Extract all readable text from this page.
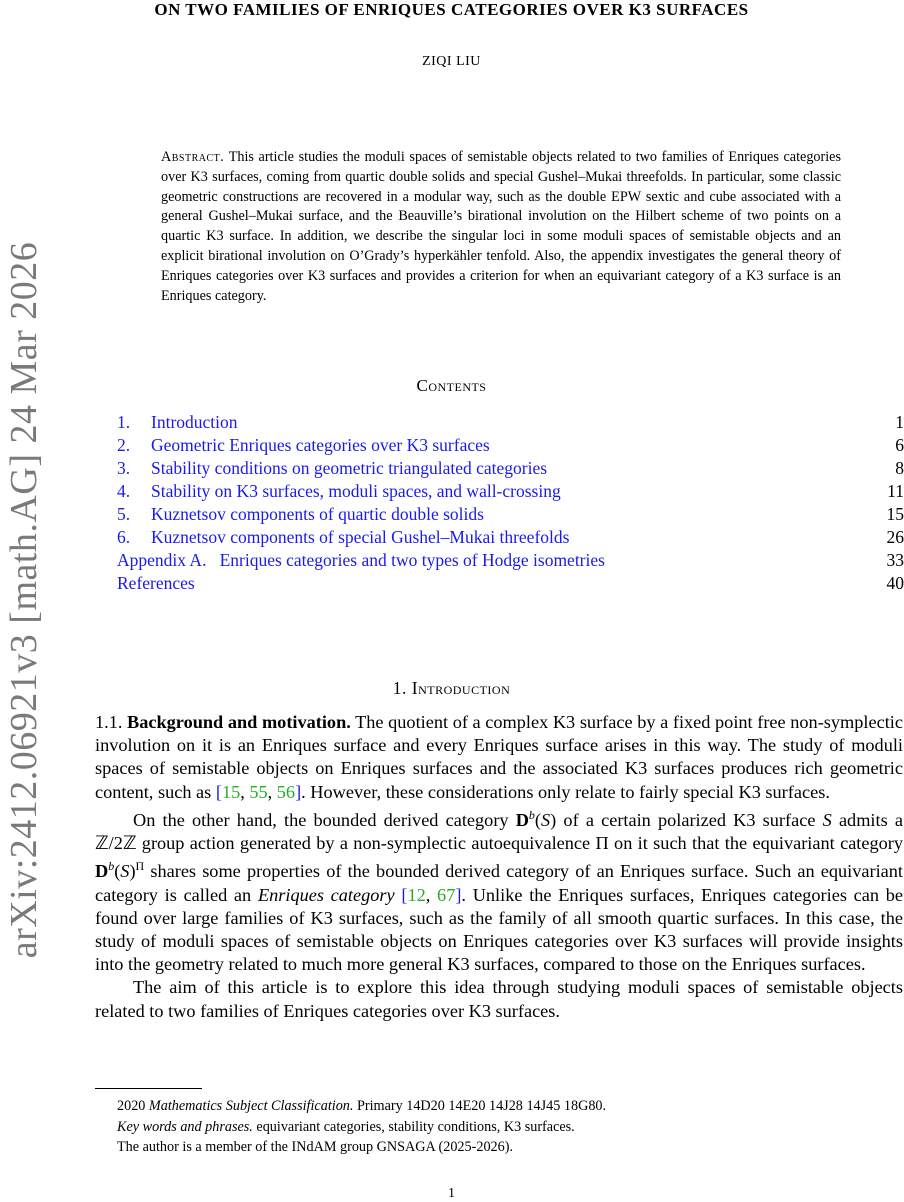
arXiv:2412.06921v3 [math.AG] 24 Mar 2026
ON TWO FAMILIES OF ENRIQUES CATEGORIES OVER K3 SURFACES
ZIQI LIU
Abstract. This article studies the moduli spaces of semistable objects related to two families of Enriques categories over K3 surfaces, coming from quartic double solids and special Gushel–Mukai threefolds. In particular, some classic geometric constructions are recovered in a modular way, such as the double EPW sextic and cube associated with a general Gushel–Mukai surface, and the Beauville’s birational involution on the Hilbert scheme of two points on a quartic K3 surface. In addition, we describe the singular loci in some moduli spaces of semistable objects and an explicit birational involution on O’Grady’s hyperkähler tenfold. Also, the appendix investigates the general theory of Enriques categories over K3 surfaces and provides a criterion for when an equivariant category of a K3 surface is an Enriques category.
Contents
1. Introduction	1
2. Geometric Enriques categories over K3 surfaces	6
3. Stability conditions on geometric triangulated categories	8
4. Stability on K3 surfaces, moduli spaces, and wall-crossing	11
5. Kuznetsov components of quartic double solids	15
6. Kuznetsov components of special Gushel–Mukai threefolds	26
Appendix A.   Enriques categories and two types of Hodge isometries	33
References	40
1. Introduction

1.1. Background and motivation. The quotient of a complex K3 surface by a fixed point free non-symplectic involution on it is an Enriques surface and every Enriques surface arises in this way. The study of moduli spaces of semistable objects on Enriques surfaces and the associated K3 surfaces produces rich geometric content, such as [15, 55, 56]. However, these considerations only relate to fairly special K3 surfaces.

On the other hand, the bounded derived category $D^b(S)$ of a certain polarized K3 surface S admits a ℤ/2ℤ group action generated by a non-symplectic autoequivalence Π on it such that the equivariant category $D^b(S)^\Pi$ shares some properties of the bounded derived category of an Enriques surface. Such an equivariant category is called an Enriques category [12, 67]. Unlike the Enriques surfaces, Enriques categories can be found over large families of K3 surfaces, such as the family of all smooth quartic surfaces. In this case, the study of moduli spaces of semistable objects on Enriques categories over K3 surfaces will provide insights into the geometry related to much more general K3 surfaces, compared to those on the Enriques surfaces.

The aim of this article is to explore this idea through studying moduli spaces of semistable objects related to two families of Enriques categories over K3 surfaces.

2020 Mathematics Subject Classification. Primary 14D20 14E20 14J28 14J45 18G80.
Key words and phrases. equivariant categories, stability conditions, K3 surfaces.
The author is a member of the INdAM group GNSAGA (2025-2026).
1
